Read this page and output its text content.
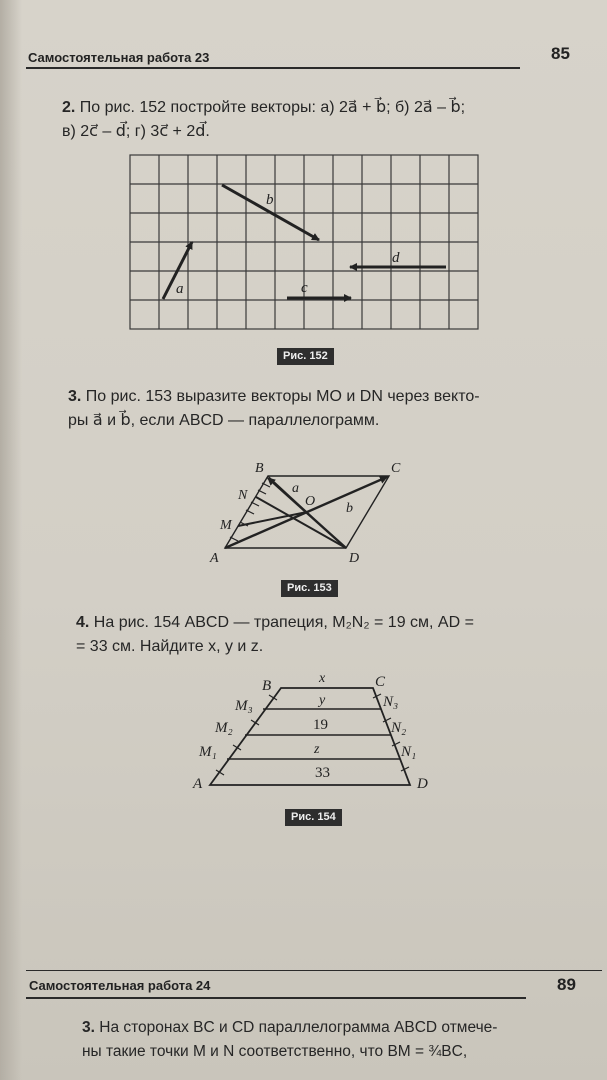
Самостоятельная работа 23	85
2. По рис. 152 постройте векторы: а) 2a⃗ + b⃗; б) 2a⃗ – b⃗;
в) 2c⃗ – d⃗; г) 3c⃗ + 2d⃗.
a⃗
b⃗
c⃗
d⃗
Рис. 152
3. По рис. 153 выразите векторы MO и DN через векто-
ры a⃗ и b⃗, если ABCD — параллелограмм.
A
B	C
D
M
N	O
a⃗
b⃗
Рис. 153
4. На рис. 154 ABCD — трапеция, M₂N₂ = 19 см, AD =
= 33 см. Найдите x, y и z.
x
y
19
z
33
A
B	C
D
M₃
M₂
M₁
N₃
N₂
N₁
Рис. 154
Самостоятельная работа 24	89
3. На сторонах BC и CD параллелограмма ABCD отмече-
ны такие точки M и N соответственно, что BM = ¾BC,
